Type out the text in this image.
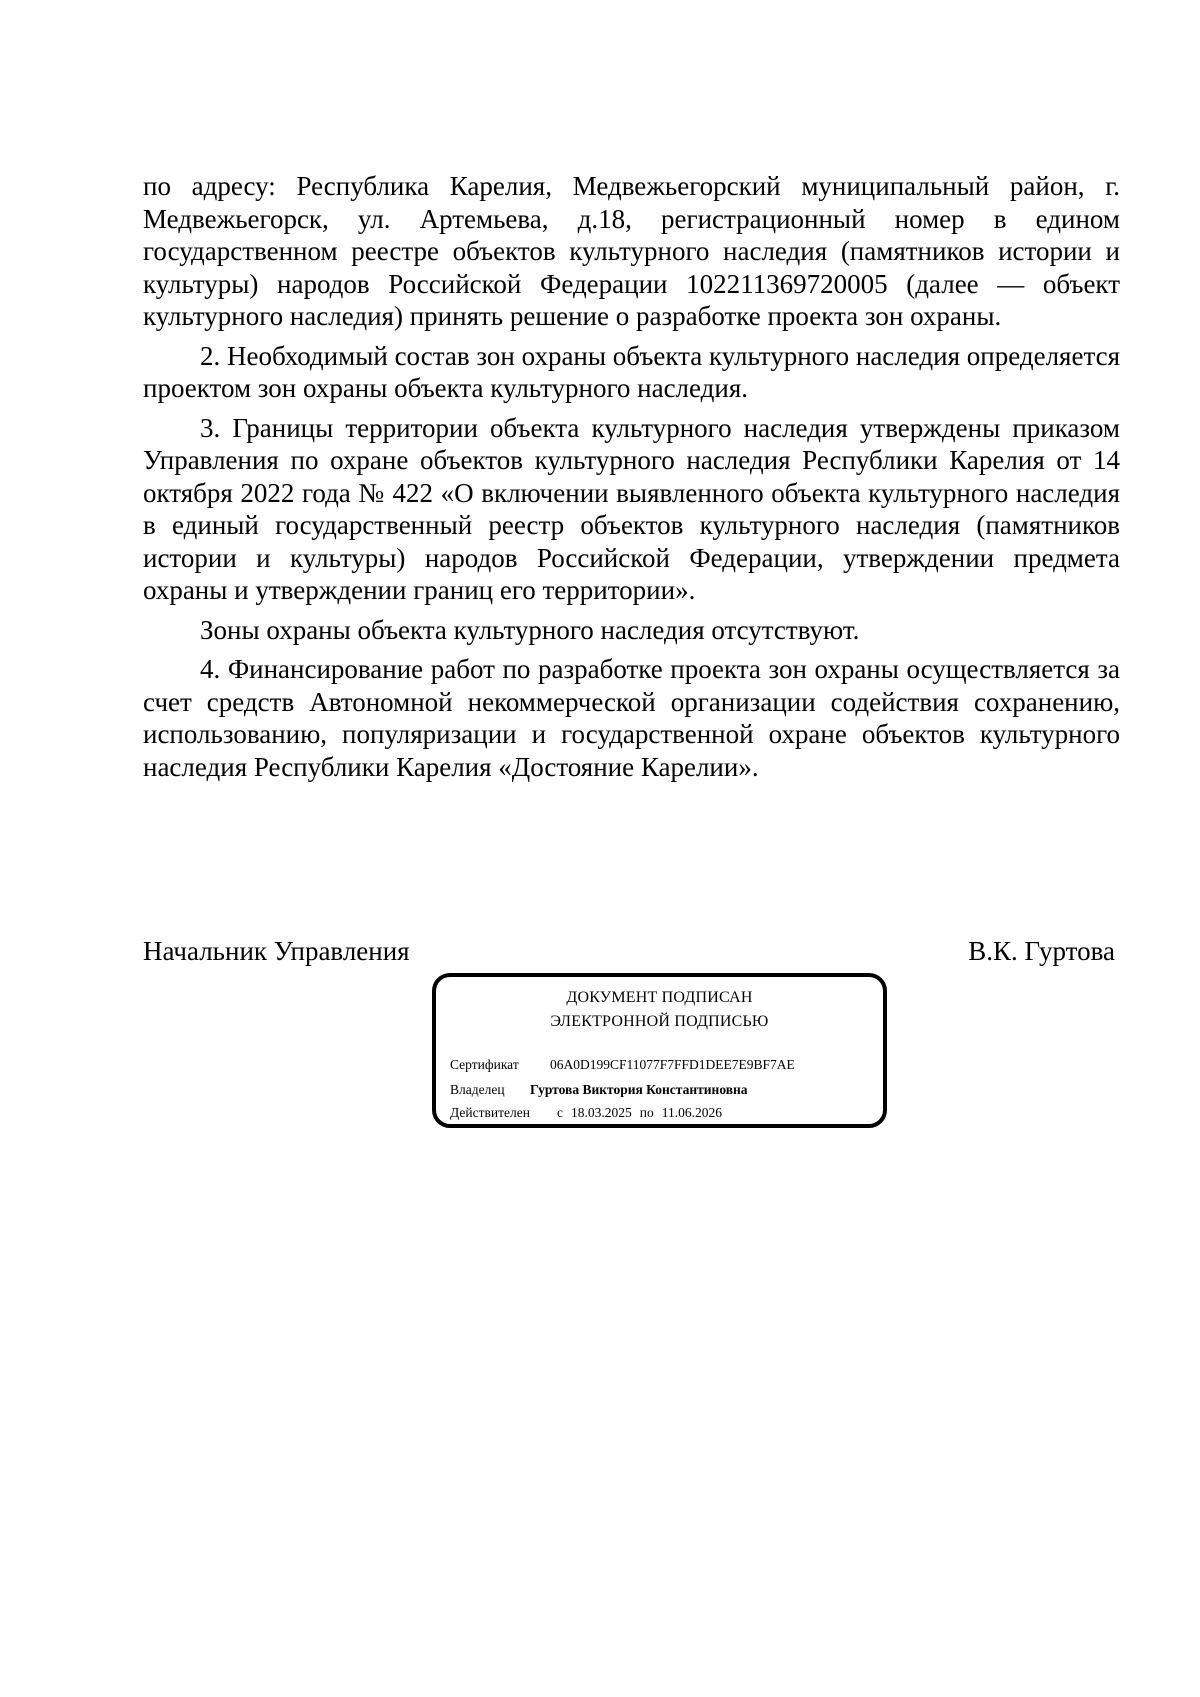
по адресу: Республика Карелия, Медвежьегорский муниципальный район, г. Медвежьегорск, ул. Артемьева, д.18, регистрационный номер в едином государственном реестре объектов культурного наследия (памятников истории и культуры) народов Российской Федерации 102211369720005 (далее — объект культурного наследия) принять решение о разработке проекта зон охраны.

2. Необходимый состав зон охраны объекта культурного наследия определяется проектом зон охраны объекта культурного наследия.

3. Границы территории объекта культурного наследия утверждены приказом Управления по охране объектов культурного наследия Республики Карелия от 14 октября 2022 года № 422 «О включении выявленного объекта культурного наследия в единый государственный реестр объектов культурного наследия (памятников истории и культуры) народов Российской Федерации, утверждении предмета охраны и утверждении границ его территории».

Зоны охраны объекта культурного наследия отсутствуют.

4. Финансирование работ по разработке проекта зон охраны осуществляется за счет средств Автономной некоммерческой организации содействия сохранению, использованию, популяризации и государственной охране объектов культурного наследия Республики Карелия «Достояние Карелии».

Начальник Управления	В.К. Гуртова
ДОКУМЕНТ ПОДПИСАН
ЭЛЕКТРОННОЙ ПОДПИСЬЮ
Сертификат 06A0D199CF11077F7FFD1DEE7E9BF7AE
Владелец Гуртова Виктория Константиновна
Действителен с 18.03.2025 по 11.06.2026
